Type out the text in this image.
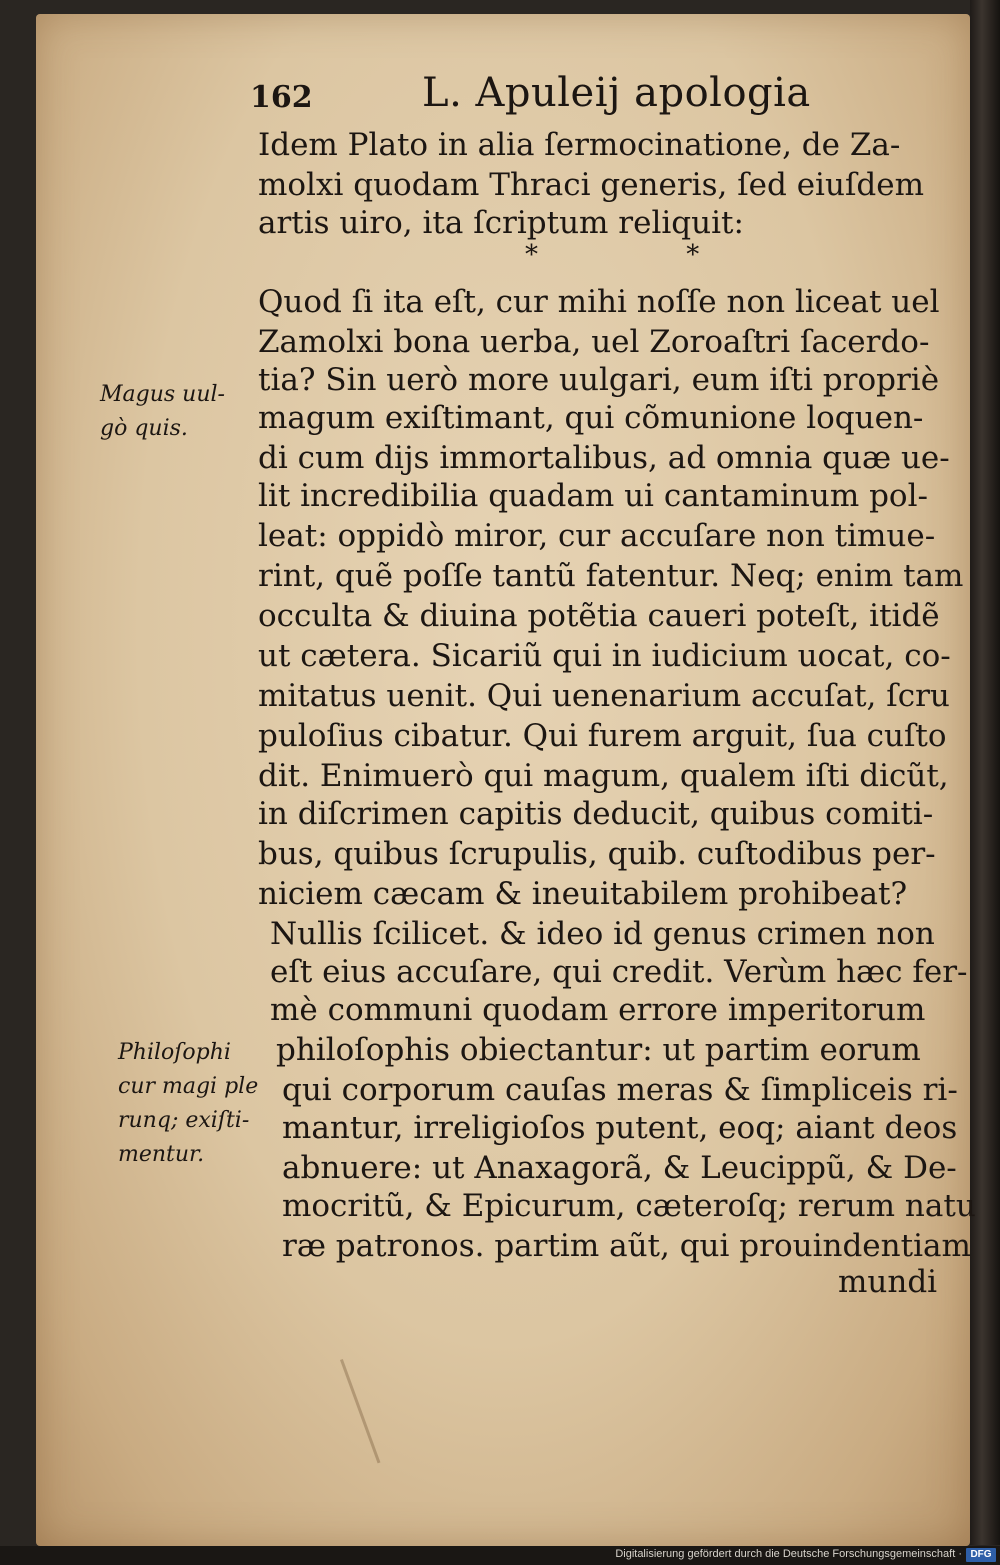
162	L. Apuleij apologia
Idem Plato in alia ſermocinatione, de Za-
molxi quodam Thraci generis, ſed eiuſdem
artis uiro, ita ſcriptum reliquit:
Quod ſi ita eſt, cur mihi noſſe non liceat uel
Zamolxi bona uerba, uel Zoroaſtri ſacerdo-
tia? Sin uerò more uulgari, eum iſti propriè
magum exiſtimant, qui cõmunione loquen-
di cum dijs immortalibus, ad omnia quæ ue-
lit incredibilia quadam ui cantaminum pol-
leat: oppidò miror, cur accuſare non timue-
rint, quẽ poſſe tantũ fatentur. Neq; enim tam
occulta & diuina potẽtia caueri poteſt, itidẽ
ut cætera. Sicariũ qui in iudicium uocat, co-
mitatus uenit. Qui uenenarium accuſat, ſcru
puloſius cibatur. Qui furem arguit, ſua cuſto
dit. Enimuerò qui magum, qualem iſti dicũt,
in diſcrimen capitis deducit, quibus comiti-
bus, quibus ſcrupulis, quib. cuſtodibus per-
niciem cæcam & ineuitabilem prohibeat?
Nullis ſcilicet. & ideo id genus crimen non
eſt eius accuſare, qui credit. Verùm hæc fer-
mè communi quodam errore imperitorum
philoſophis obiectantur: ut partim eorum
qui corporum cauſas meras & ſimpliceis ri-
mantur, irreligioſos putent, eoq; aiant deos
abnuere: ut Anaxagorã, & Leucippũ, & De-
mocritũ, & Epicurum, cæteroſq; rerum natu
ræ patronos. partim aũt, qui prouindentiam
mundi
* *
Magus uul-
gò quis.
Philoſophi
cur magi ple
runq; exiſti-
mentur.
Digitalisierung gefördert durch die Deutsche Forschungsgemeinschaft · DFG
